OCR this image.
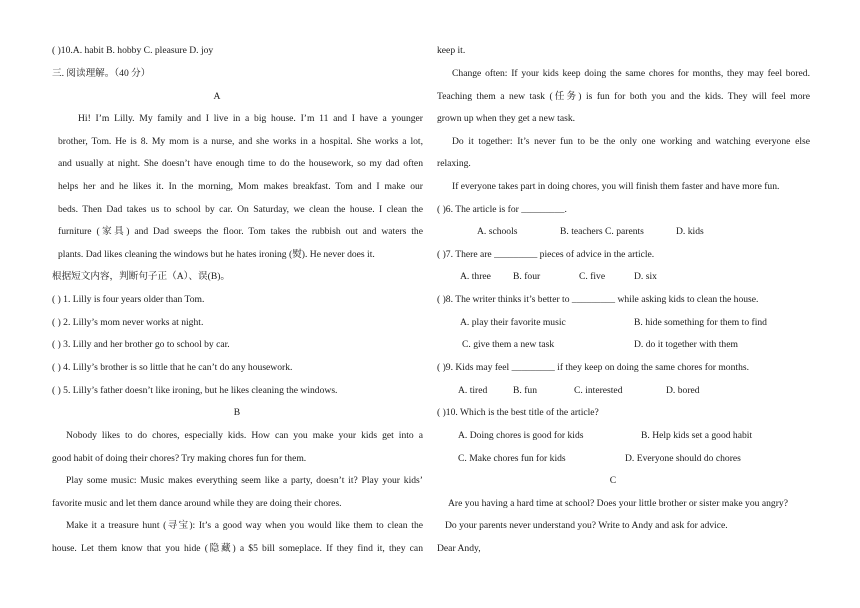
( )10.A. habit B. hobby C. pleasure D. joy
三. 阅读理解。（40 分）
A
Hi! I’m Lilly. My family and I live in a big house. I’m 11 and I have a younger
brother, Tom. He is 8. My mom is a nurse, and she works in a hospital. She works a lot,
and usually at night. She doesn’t have enough time to do the housework, so my dad often
helps her and he likes it. In the morning, Mom makes breakfast. Tom and I make our
beds. Then Dad takes us to school by car. On Saturday, we clean the house. I clean the
furniture (家具) and Dad sweeps the floor. Tom takes the rubbish out and waters the
plants. Dad likes cleaning the windows but he hates ironing (熨). He never does it.
根据短文内容，判断句子正（A）、误(B)。
( ) 1. Lilly is four years older than Tom.
( ) 2. Lilly’s mom never works at night.
( ) 3. Lilly and her brother go to school by car.
( ) 4. Lilly’s brother is so little that he can’t do any housework.
( ) 5. Lilly’s father doesn’t like ironing, but he likes cleaning the windows.
B
Nobody likes to do chores, especially kids. How can you make your kids get into a
good habit of doing their chores? Try making chores fun for them.
Play some music: Music makes everything seem like a party, doesn’t it? Play your kids’
favorite music and let them dance around while they are doing their chores.
Make it a treasure hunt (寻宝): It’s a good way when you would like them to clean the
house. Let them know that you hide (隐藏) a $5 bill someplace. If they find it, they can
keep it.
Change often: If your kids keep doing the same chores for months, they may feel bored.
Teaching them a new task (任务) is fun for both you and the kids. They will feel more
grown up when they get a new task.
Do it together: It’s never fun to be the only one working and watching everyone else
relaxing.
If everyone takes part in doing chores, you will finish them faster and have more fun.
( )6. The article is for _________.
A. schools	B. teachers C. parents	D. kids
( )7. There are _________ pieces of advice in the article.
A. three B. four	C. five	D. six
( )8. The writer thinks it’s better to _________ while asking kids to clean the house.
A. play their favorite music	B. hide something for them to find
C. give them a new task	D. do it together with them
( )9. Kids may feel _________ if they keep on doing the same chores for months.
A. tired	B. fun	C. interested	D. bored
( )10. Which is the best title of the article?
A. Doing chores is good for kids	B. Help kids set a good habit
C. Make chores fun for kids	D. Everyone should do chores
C
Are you having a hard time at school? Does your little brother or sister make you angry?
Do your parents never understand you? Write to Andy and ask for advice.
Dear Andy,
